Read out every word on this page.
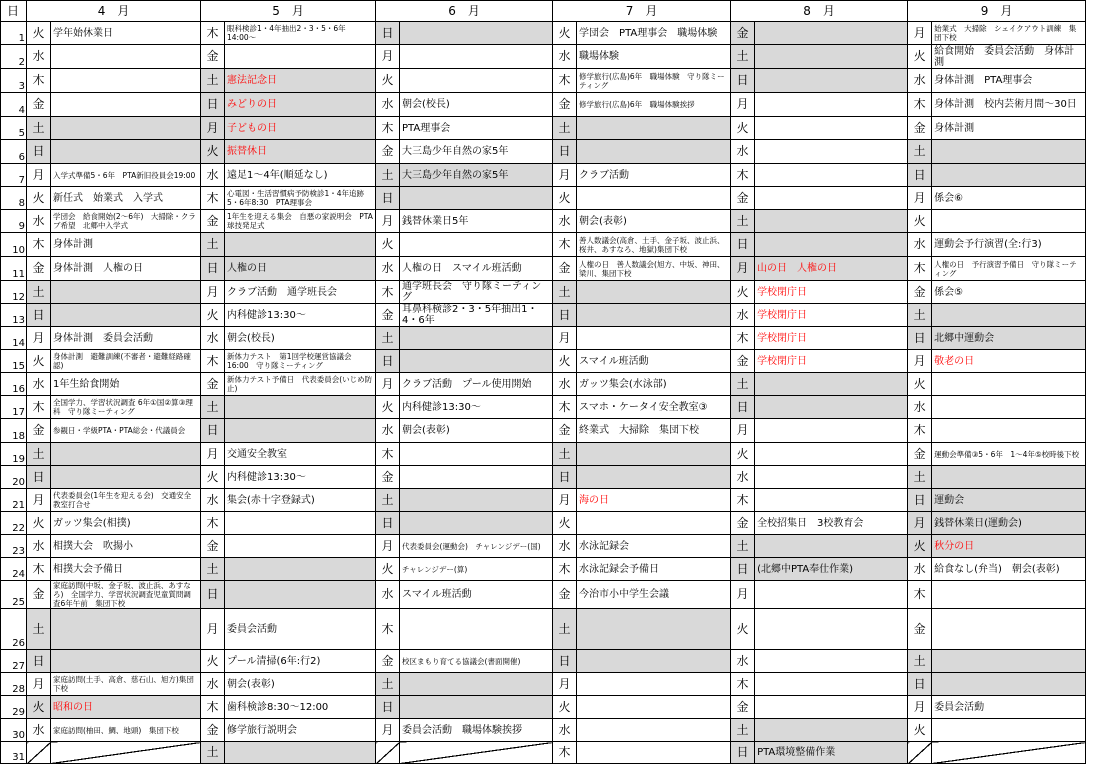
日	4　月		5　月		6　月		7　月		8　月		9　月	
1	火	学年始休業日	木	眼科検診1・4年抽出2・3・5・6年14:00〜	日		火	学団会　PTA理事会　職場体験	金		月	始業式　大掃除　シェイクアウト訓練　集団下校
2	水		金		月		水	職場体験	土		火	給食開始　委員会活動　身体計測
3	木		土	憲法記念日	火		木	修学旅行(広島)6年　職場体験　守り隊ミーティング	日		水	身体計測　PTA理事会
4	金		日	みどりの日	水	朝会(校長)	金	修学旅行(広島)6年　職場体験挨拶	月		木	身体計測　校内芸術月間〜30日
5	土		月	子どもの日	木	PTA理事会	土		火		金	身体計測
6	日		火	振替休日	金	大三島少年自然の家5年	日		水		土	
7	月	入学式準備5・6年　PTA新旧役員会19:00	水	遠足1〜4年(順延なし)	土	大三島少年自然の家5年	月	クラブ活動	木		日	
8	火	新任式　始業式　入学式	木	心電図・生活習慣病予防検診1・4年追跡5・6年8:30　PTA理事会	日		火		金		月	係会⑥
9	水	学団会　給食開始(2〜6年)　大掃除・クラブ希望　北郷中入学式	金	1年生を迎える集会　自悪の家説明会　PTA球技発足式	月	銭替休業日5年	水	朝会(表彰)	土		火	
10	木	身体計測	土		火		木	善人数議会(高倉、土手、金子坂、波止浜、桜井、あすなろ、地獄)集団下校	日		水	運動会予行演習(全:行3)
11	金	身体計測　人権の日	日	人権の日	水	人権の日　スマイル班活動	金	人権の日　善人数議会(旭方、中坂、神田、梁川、集団下校	月	山の日　人権の日	木	人権の日　予行演習予備日　守り隊ミーティング
12	土		月	クラブ活動　通学班長会	木	通学班長会　守り隊ミーティング	土		火	学校閉庁日	金	係会⑤
13	日		火	内科健診13:30〜	金	耳鼻科検診2・3・5年抽出1・4・6年	日		水	学校閉庁日	土	
14	月	身体計測　委員会活動	水	朝会(校長)	土		月		木	学校閉庁日	日	北郷中運動会
15	火	身体計測　避難訓練(不審者・避難経路確認)	木	新体力テスト　第1回学校運営協議会16:00　守り隊ミーティング	日		火	スマイル班活動	金	学校閉庁日	月	敬老の日
16	水	1年生給食開始	金	新体力テスト予備日　代表委員会(いじめ防止)	月	クラブ活動　プール使用開始	水	ガッツ集会(水泳部)	土		火	
17	木	全国学力、学習状況調査 6年①国②算③理科　守り隊ミーティング	土		火	内科健診13:30〜	木	スマホ・ケータイ安全教室③	日		水	
18	金	参観日・学級PTA・PTA総会・代議員会	日		水	朝会(表彰)	金	終業式　大掃除　集団下校	月		木	
19	土		月	交通安全教室	木		土		火		金	運動会準備③5・6年　1〜4年⑤校時後下校
20	日		火	内科健診13:30〜	金		日		水		土	
21	月	代表委員会(1年生を迎える会)　交通安全教室打合せ	水	集会(赤十字登録式)	土		月	海の日	木		日	運動会
22	火	ガッツ集会(相撲)	木		日		火		金	全校招集日　3校教育会	月	銭替休業日(運動会)
23	水	相撲大会　吹揚小	金		月	代表委員会(運動会)　チャレンジデー(国)	水	水泳記録会	土		火	秋分の日
24	木	相撲大会予備日	土		火	チャレンジデー(算)	木	水泳記録会予備日	日	(北郷中PTA奉仕作業)	水	給食なし(弁当)　朝会(表彰)
25	金	家庭訪問(中坂、金子坂、波止浜、あすなろ)　全国学力、学習状況調査児童質問調査6年午前　集団下校	日		水	スマイル班活動	金	今治市小中学生会議	月		木	
26	土		月	委員会活動	木		土		火		金	
27	日		火	プール清掃(6年:行2)	金	校区まもり育てる協議会(書面開催)	日		水		土	
28	月	家庭訪問(土手、高倉、慈石山、旭方)集団下校	水	朝会(表彰)	土		月		木		日	
29	火	昭和の日	木	歯科検診8:30〜12:00	日		火		金		月	委員会活動
30	水	家庭訪問(柚田、鯛、地頭)　集団下校	金	修学旅行説明会	月	委員会活動　職場体験挨拶	水		土		火	
31			土				木		日	PTA環境整備作業		
